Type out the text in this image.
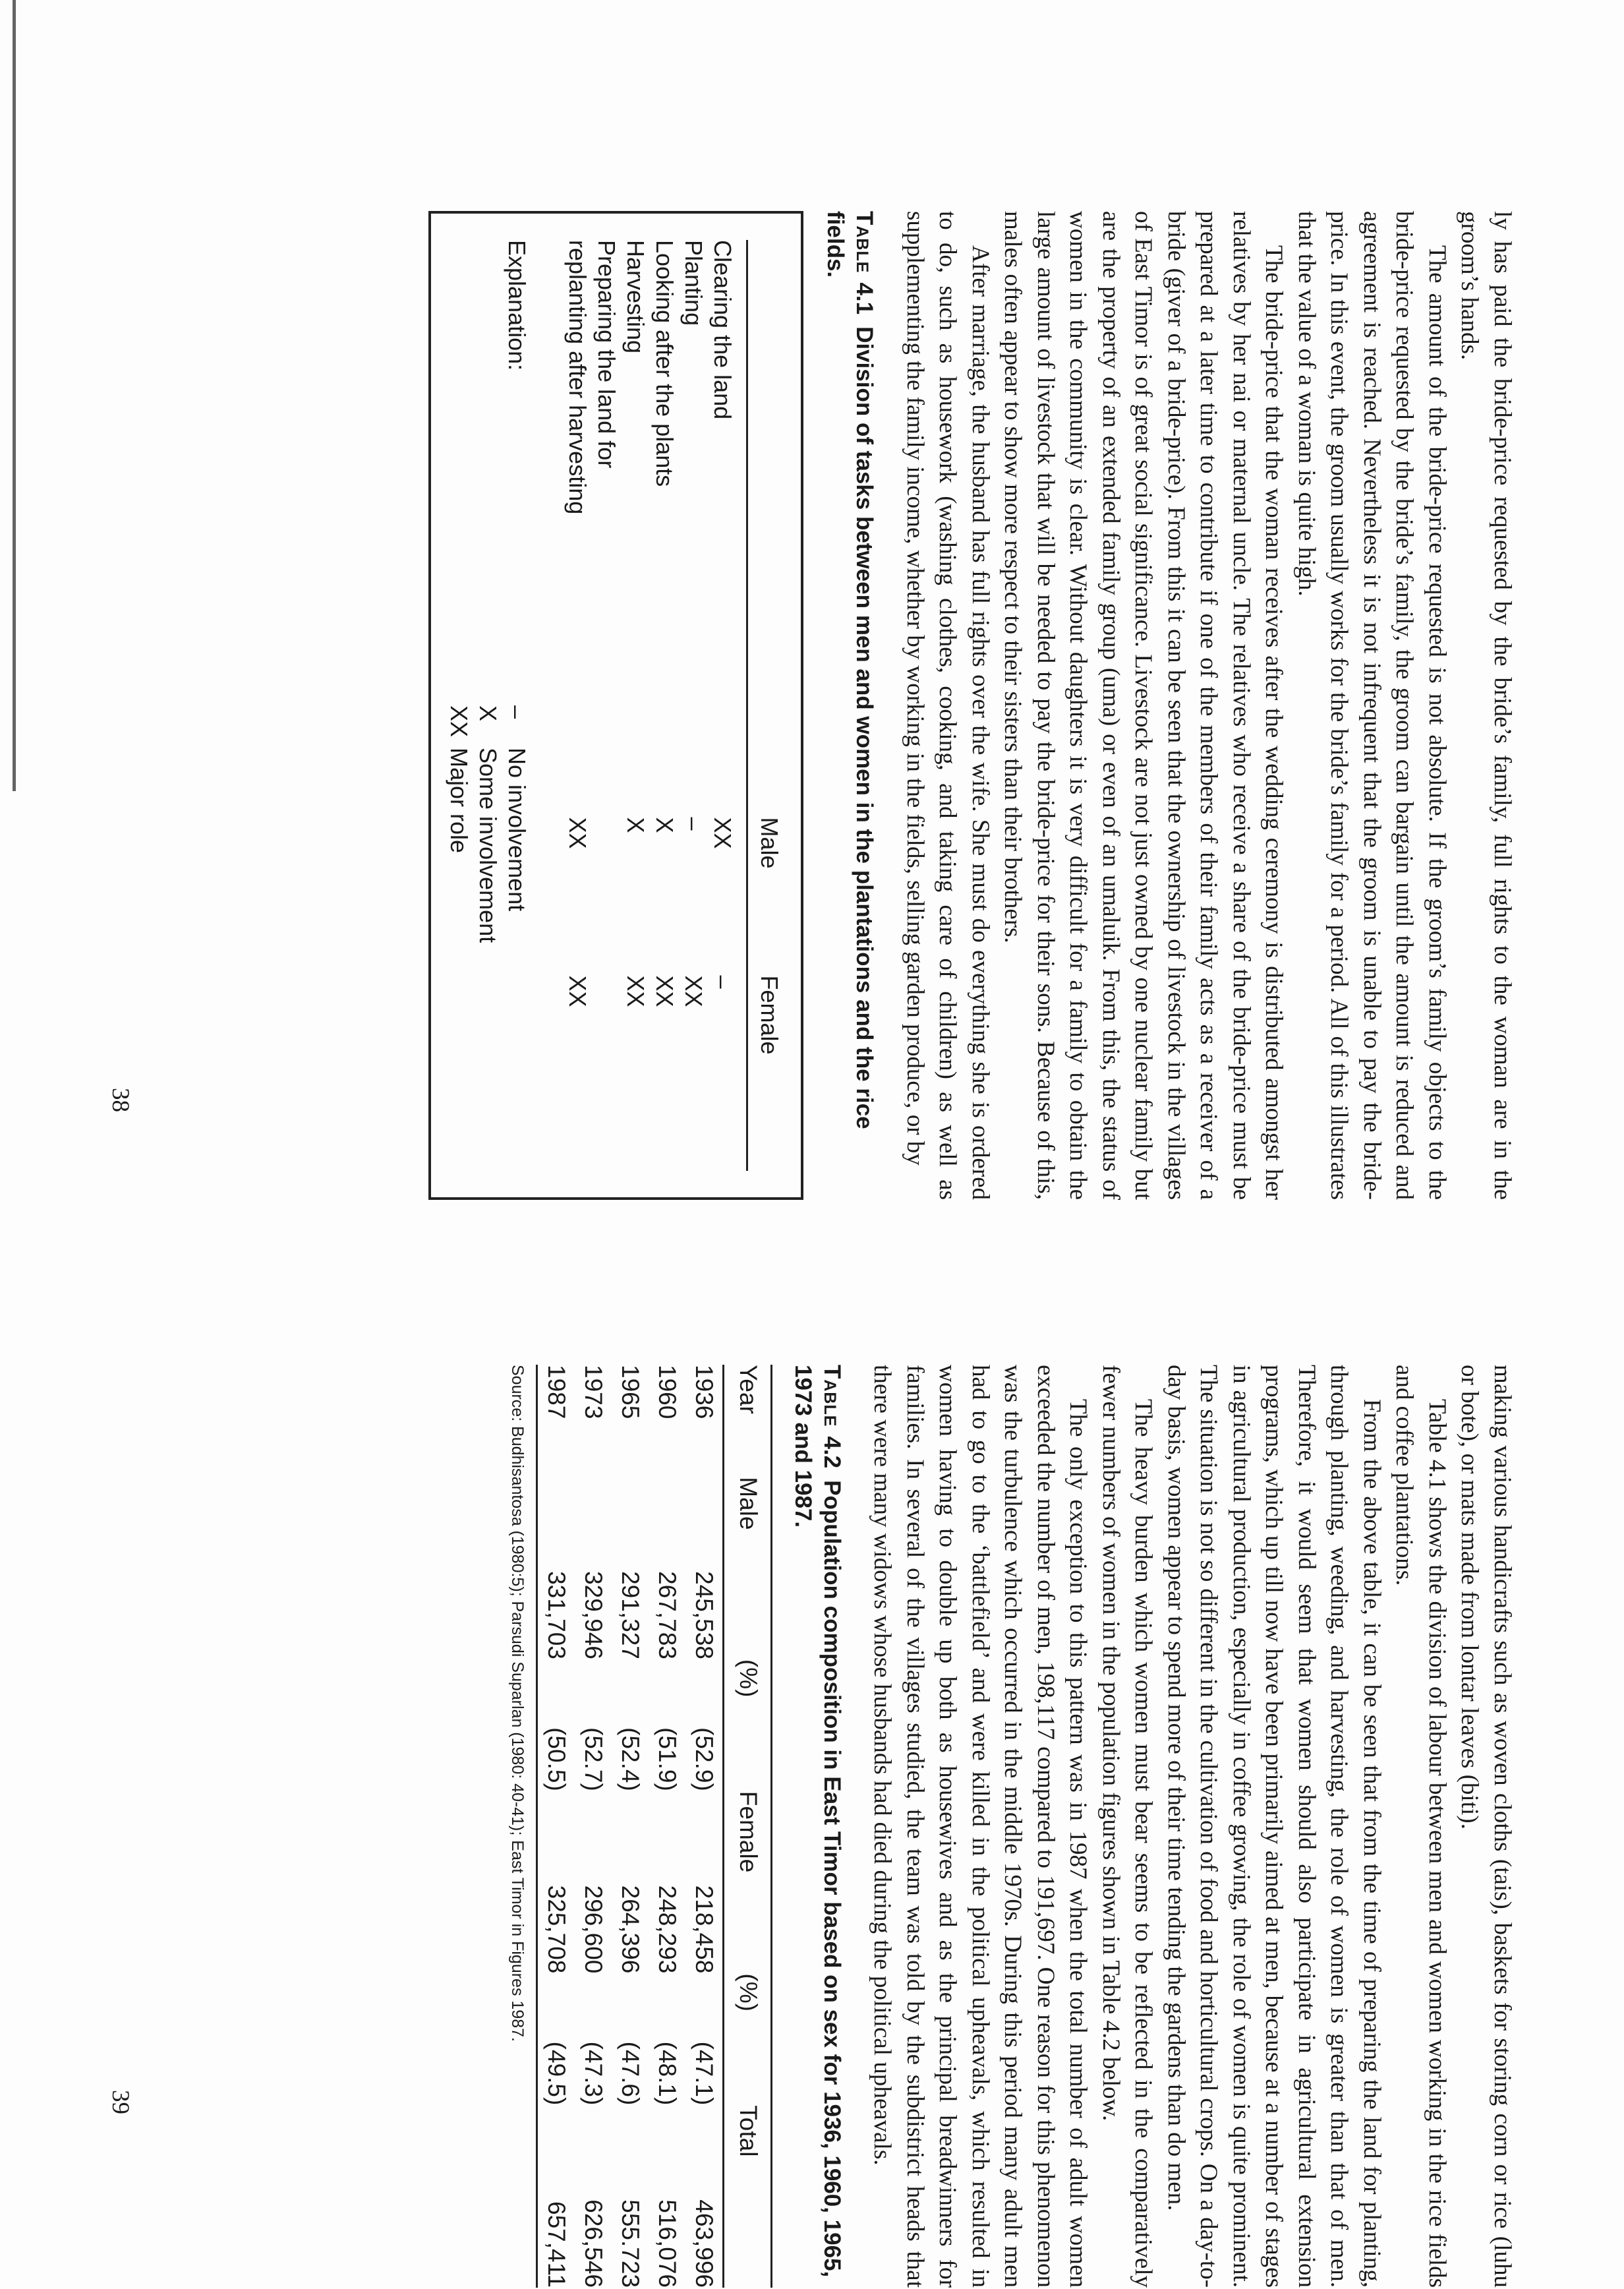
ly has paid the bride-price requested by the bride’s family, full rights to the woman are in the groom’s hands.

The amount of the bride-price requested is not absolute. If the groom’s family objects to the bride-price requested by the bride’s family, the groom can bargain until the amount is reduced and agreement is reached. Nevertheless it is not infrequent that the groom is unable to pay the bride-price. In this event, the groom usually works for the bride’s family for a period. All of this illustrates that the value of a woman is quite high.

The bride-price that the woman receives after the wedding ceremony is distributed amongst her relatives by her nai or maternal uncle. The relatives who receive a share of the bride-price must be prepared at a later time to contribute if one of the members of their family acts as a receiver of a bride (giver of a bride-price). From this it can be seen that the ownership of livestock in the villages of East Timor is of great social significance. Livestock are not just owned by one nuclear family but are the property of an extended family group (uma) or even of an umaluik. From this, the status of women in the community is clear. Without daughters it is very difficult for a family to obtain the large amount of livestock that will be needed to pay the bride-price for their sons. Because of this, males often appear to show more respect to their sisters than their brothers.

After marriage, the husband has full rights over the wife. She must do everything she is ordered to do, such as housework (washing clothes, cooking, and taking care of children) as well as supplementing the family income, whether by working in the fields, selling garden produce, or by

Table4.1Division of tasks between men and women in the plantations and the rice fields.
	Male	Female
Clearing the land	XX	–
Planting	–	XX
Looking after the plants	X	XX
Harvesting	X	XX
Preparing the land for		
replanting after harvesting	XX	XX
Explanation:
–
No involvement
X
Some involvement
XX
Major role
38

making various handicrafts such as woven cloths (tais), baskets for storing corn or rice (luhu or bote), or mats made from lontar leaves (biti).

Table 4.1 shows the division of labour between men and women working in the rice fields and coffee plantations.

From the above table, it can be seen that from the time of preparing the land for planting, through planting, weeding, and harvesting, the role of women is greater than that of men. Therefore, it would seem that women should also participate in agricultural extension programs, which up till now have been primarily aimed at men, because at a number of stages in agricultural production, especially in coffee growing, the role of women is quite prominent. The situation is not so different in the cultivation of food and horticultural crops. On a day-to-day basis, women appear to spend more of their time tending the gardens than do men.

The heavy burden which women must bear seems to be reflected in the comparatively fewer numbers of women in the population figures shown in Table 4.2 below.

The only exception to this pattern was in 1987 when the total number of adult women exceeded the number of men, 198,117 compared to 191,697. One reason for this phenomenon was the turbulence which occurred in the middle 1970s. During this period many adult men had to go to the ‘battlefield’ and were killed in the political upheavals, which resulted in women having to double up both as housewives and as the principal breadwinners for families. In several of the villages studied, the team was told by the subdistrict heads that there were many widows whose husbands had died during the political upheavals.

Table4.2Population composition in East Timor based on sex for 1936, 1960, 1965, 1973 and 1987.
Year	Male	(%)	Female	(%)	Total
1936	245,538	(52.9)	218,458	(47.1)	463,996
1960	267,783	(51.9)	248,293	(48.1)	516,076
1965	291,327	(52.4)	264,396	(47.6)	555.723
1973	329,946	(52.7)	296,600	(47.3)	626,546
1987	331,703	(50.5)	325,708	(49.5)	657,411
Source: Budhisantosa (1980:5); Parsudi Suparlan (1980: 40-41); East Timor in Figures 1987.
39
